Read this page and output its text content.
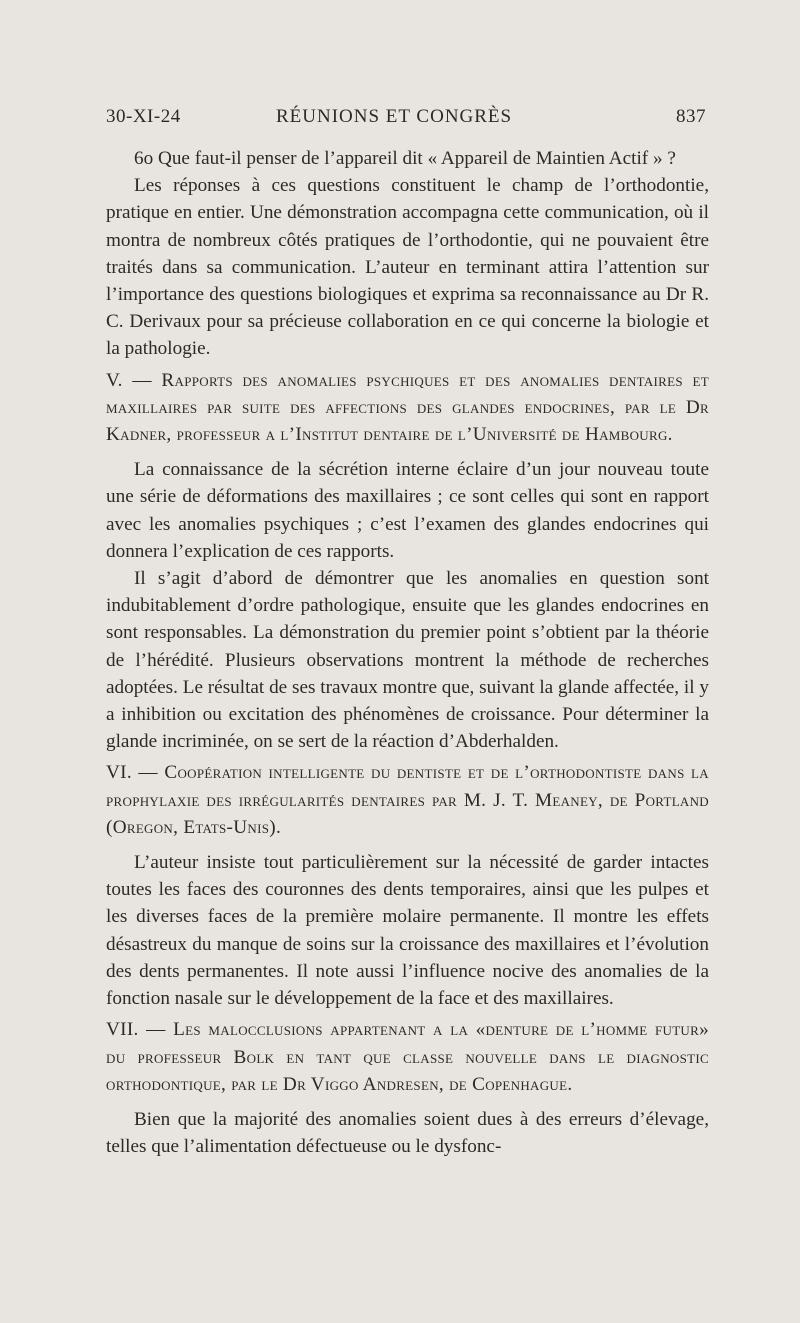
30-XI-24	RÉUNIONS ET CONGRÈS	837

6o Que faut-il penser de l’appareil dit « Appareil de Maintien Actif » ?

Les réponses à ces questions constituent le champ de l’orthodontie, pratique en entier. Une démonstration accompagna cette communication, où il montra de nombreux côtés pratiques de l’orthodontie, qui ne pouvaient être traités dans sa communication. L’auteur en terminant attira l’attention sur l’importance des questions biologiques et exprima sa reconnaissance au Dr R. C. Derivaux pour sa précieuse collaboration en ce qui concerne la biologie et la pathologie.

V. — Rapports des anomalies psychiques et des anomalies dentaires et maxillaires par suite des affections des glandes endocrines, par le Dr Kadner, professeur a l’Institut dentaire de l’Université de Hambourg.

La connaissance de la sécrétion interne éclaire d’un jour nouveau toute une série de déformations des maxillaires ; ce sont celles qui sont en rapport avec les anomalies psychiques ; c’est l’examen des glandes endocrines qui donnera l’explication de ces rapports.

Il s’agit d’abord de démontrer que les anomalies en question sont indubitablement d’ordre pathologique, ensuite que les glandes endocrines en sont responsables. La démonstration du premier point s’obtient par la théorie de l’hérédité. Plusieurs observations montrent la méthode de recherches adoptées. Le résultat de ses travaux montre que, suivant la glande affectée, il y a inhibition ou excitation des phénomènes de croissance. Pour déterminer la glande incriminée, on se sert de la réaction d’Abderhalden.

VI. — Coopération intelligente du dentiste et de l’orthodontiste dans la prophylaxie des irrégularités dentaires par M. J. T. Meaney, de Portland (Oregon, Etats-Unis).

L’auteur insiste tout particulièrement sur la nécessité de garder intactes toutes les faces des couronnes des dents temporaires, ainsi que les pulpes et les diverses faces de la première molaire permanente. Il montre les effets désastreux du manque de soins sur la croissance des maxillaires et l’évolution des dents permanentes. Il note aussi l’influence nocive des anomalies de la fonction nasale sur le développement de la face et des maxillaires.

VII. — Les malocclusions appartenant a la «denture de l’homme futur» du professeur Bolk en tant que classe nouvelle dans le diagnostic orthodontique, par le Dr Viggo Andresen, de Copenhague.

Bien que la majorité des anomalies soient dues à des erreurs d’élevage, telles que l’alimentation défectueuse ou le dysfonc-
